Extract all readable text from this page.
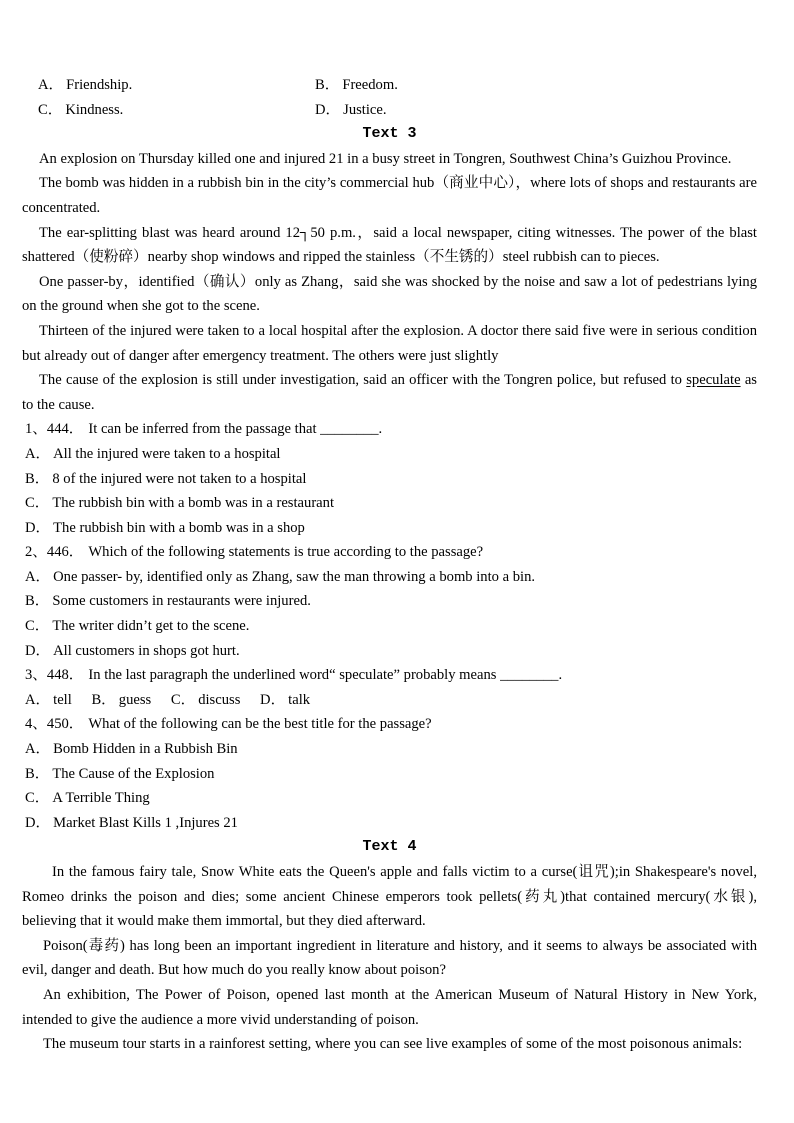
A． Friendship.	B． Freedom.
C． Kindness.	D． Justice.
Text 3

An explosion on Thursday killed one and injured 21 in a busy street in Tongren, Southwest China’s Guizhou Province.

The bomb was hidden in a rubbish bin in the city’s commercial hub（商业中心），where lots of shops and restaurants are concentrated.

The ear-splitting blast was heard around 12┐50 p.m.，said a local newspaper, citing witnesses. The power of the blast shattered（使粉碎）nearby shop windows and ripped the stainless（不生锈的）steel rubbish can to pieces.

One passer-by，identified（确认）only as Zhang，said she was shocked by the noise and saw a lot of pedestrians lying on the ground when she got to the scene.

Thirteen of the injured were taken to a local hospital after the explosion. A doctor there said five were in serious condition but already out of danger after emergency treatment. The others were just slightly

The cause of the explosion is still under investigation, said an officer with the Tongren police, but refused to speculate as to the cause.

1、444． It can be inferred from the passage that ________.

A． All the injured were taken to a hospital

B． 8 of the injured were not taken to a hospital

C． The rubbish bin with a bomb was in a restaurant

D． The rubbish bin with a bomb was in a shop

2、446． Which of the following statements is true according to the passage?

A． One passer- by, identified only as Zhang, saw the man throwing a bomb into a bin.

B． Some customers in restaurants were injured.

C． The writer didn’t get to the scene.

D． All customers in shops got hurt.

3、448． In the last paragraph the underlined word“ speculate” probably means ________.

A． tell B． guess C． discuss D． talk

4、450． What of the following can be the best title for the passage?

A． Bomb Hidden in a Rubbish Bin

B． The Cause of the Explosion

C． A Terrible Thing

D． Market Blast Kills 1 ,Injures 21

Text 4

In the famous fairy tale, Snow White eats the Queen's apple and falls victim to a curse(诅咒);in Shakespeare's novel, Romeo drinks the poison and dies; some ancient Chinese emperors took pellets(药丸)that contained mercury(水银), believing that it would make them immortal, but they died afterward.

Poison(毒药) has long been an important ingredient in literature and history, and it seems to always be associated with evil, danger and death. But how much do you really know about poison?

An exhibition, The Power of Poison, opened last month at the American Museum of Natural History in New York, intended to give the audience a more vivid understanding of poison.

The museum tour starts in a rainforest setting, where you can see live examples of some of the most poisonous animals:
